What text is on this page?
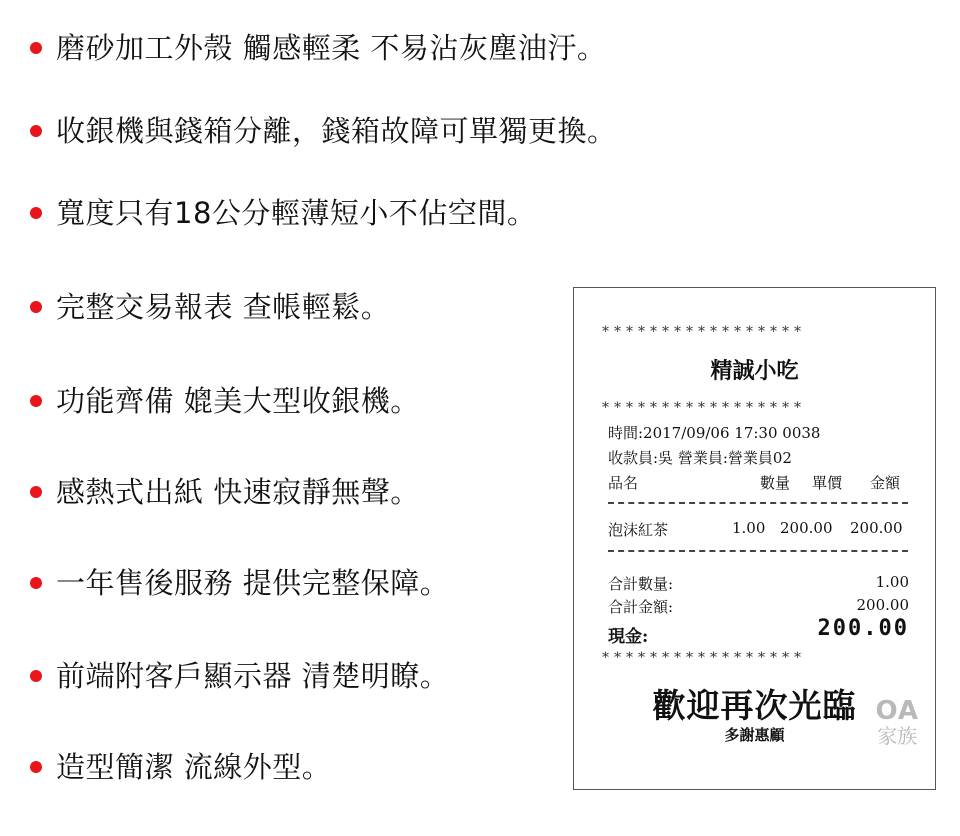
磨砂加工外殼 觸感輕柔 不易沾灰塵油汙。
收銀機與錢箱分離，錢箱故障可單獨更換。
寬度只有18公分輕薄短小不佔空間。
完整交易報表 查帳輕鬆。
功能齊備 媲美大型收銀機。
感熱式出紙 快速寂靜無聲。
一年售後服務 提供完整保障。
前端附客戶顯示器 清楚明瞭。
造型簡潔 流線外型。
*****************
精誠小吃
*****************
時間:2017/09/06 17:30 0038
收款員:吳 營業員:營業員02
品名	數量 單價 金額
泡沫紅茶	1.00 200.00 200.00
合計數量:	1.00
合計金額:	200.00
現金:	200.00
*****************
歡迎再次光臨
多謝惠顧
OA
家族
